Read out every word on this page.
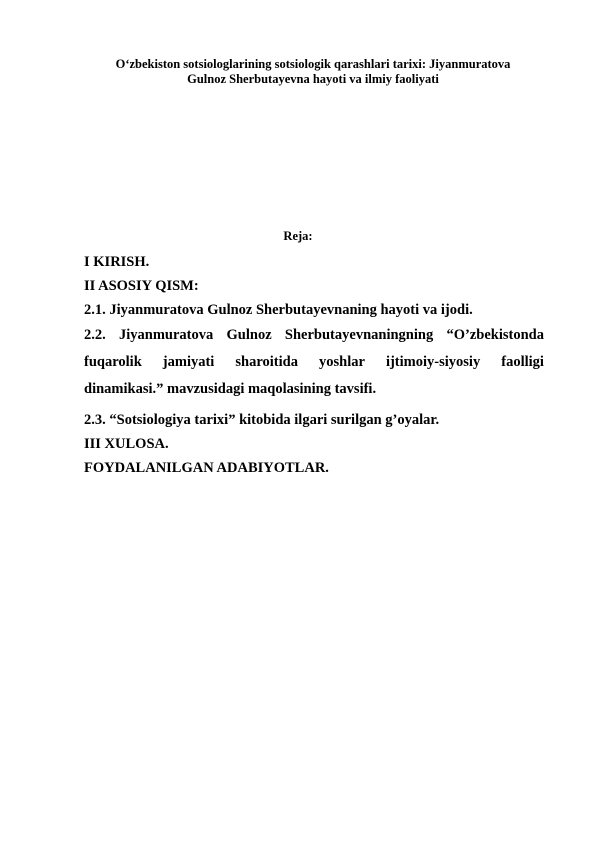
O‘zbekiston sotsiologlarining sotsiologik qarashlari tarixi: Jiyanmuratova
Gulnoz Sherbutayevna hayoti va ilmiy faoliyati
Reja:
I KIRISH.
II ASOSIY QISM:
2.1. Jiyanmuratova Gulnoz Sherbutayevnaning hayoti va ijodi.
2.2. Jiyanmuratova Gulnoz Sherbutayevnaningning “O’zbekistonda
fuqarolik jamiyati sharoitida yoshlar ijtimoiy-siyosiy faolligi
dinamikasi.” mavzusidagi maqolasining tavsifi.
2.3. “Sotsiologiya tarixi” kitobida ilgari surilgan g’oyalar.
III XULOSA.
FOYDALANILGAN ADABIYOTLAR.
